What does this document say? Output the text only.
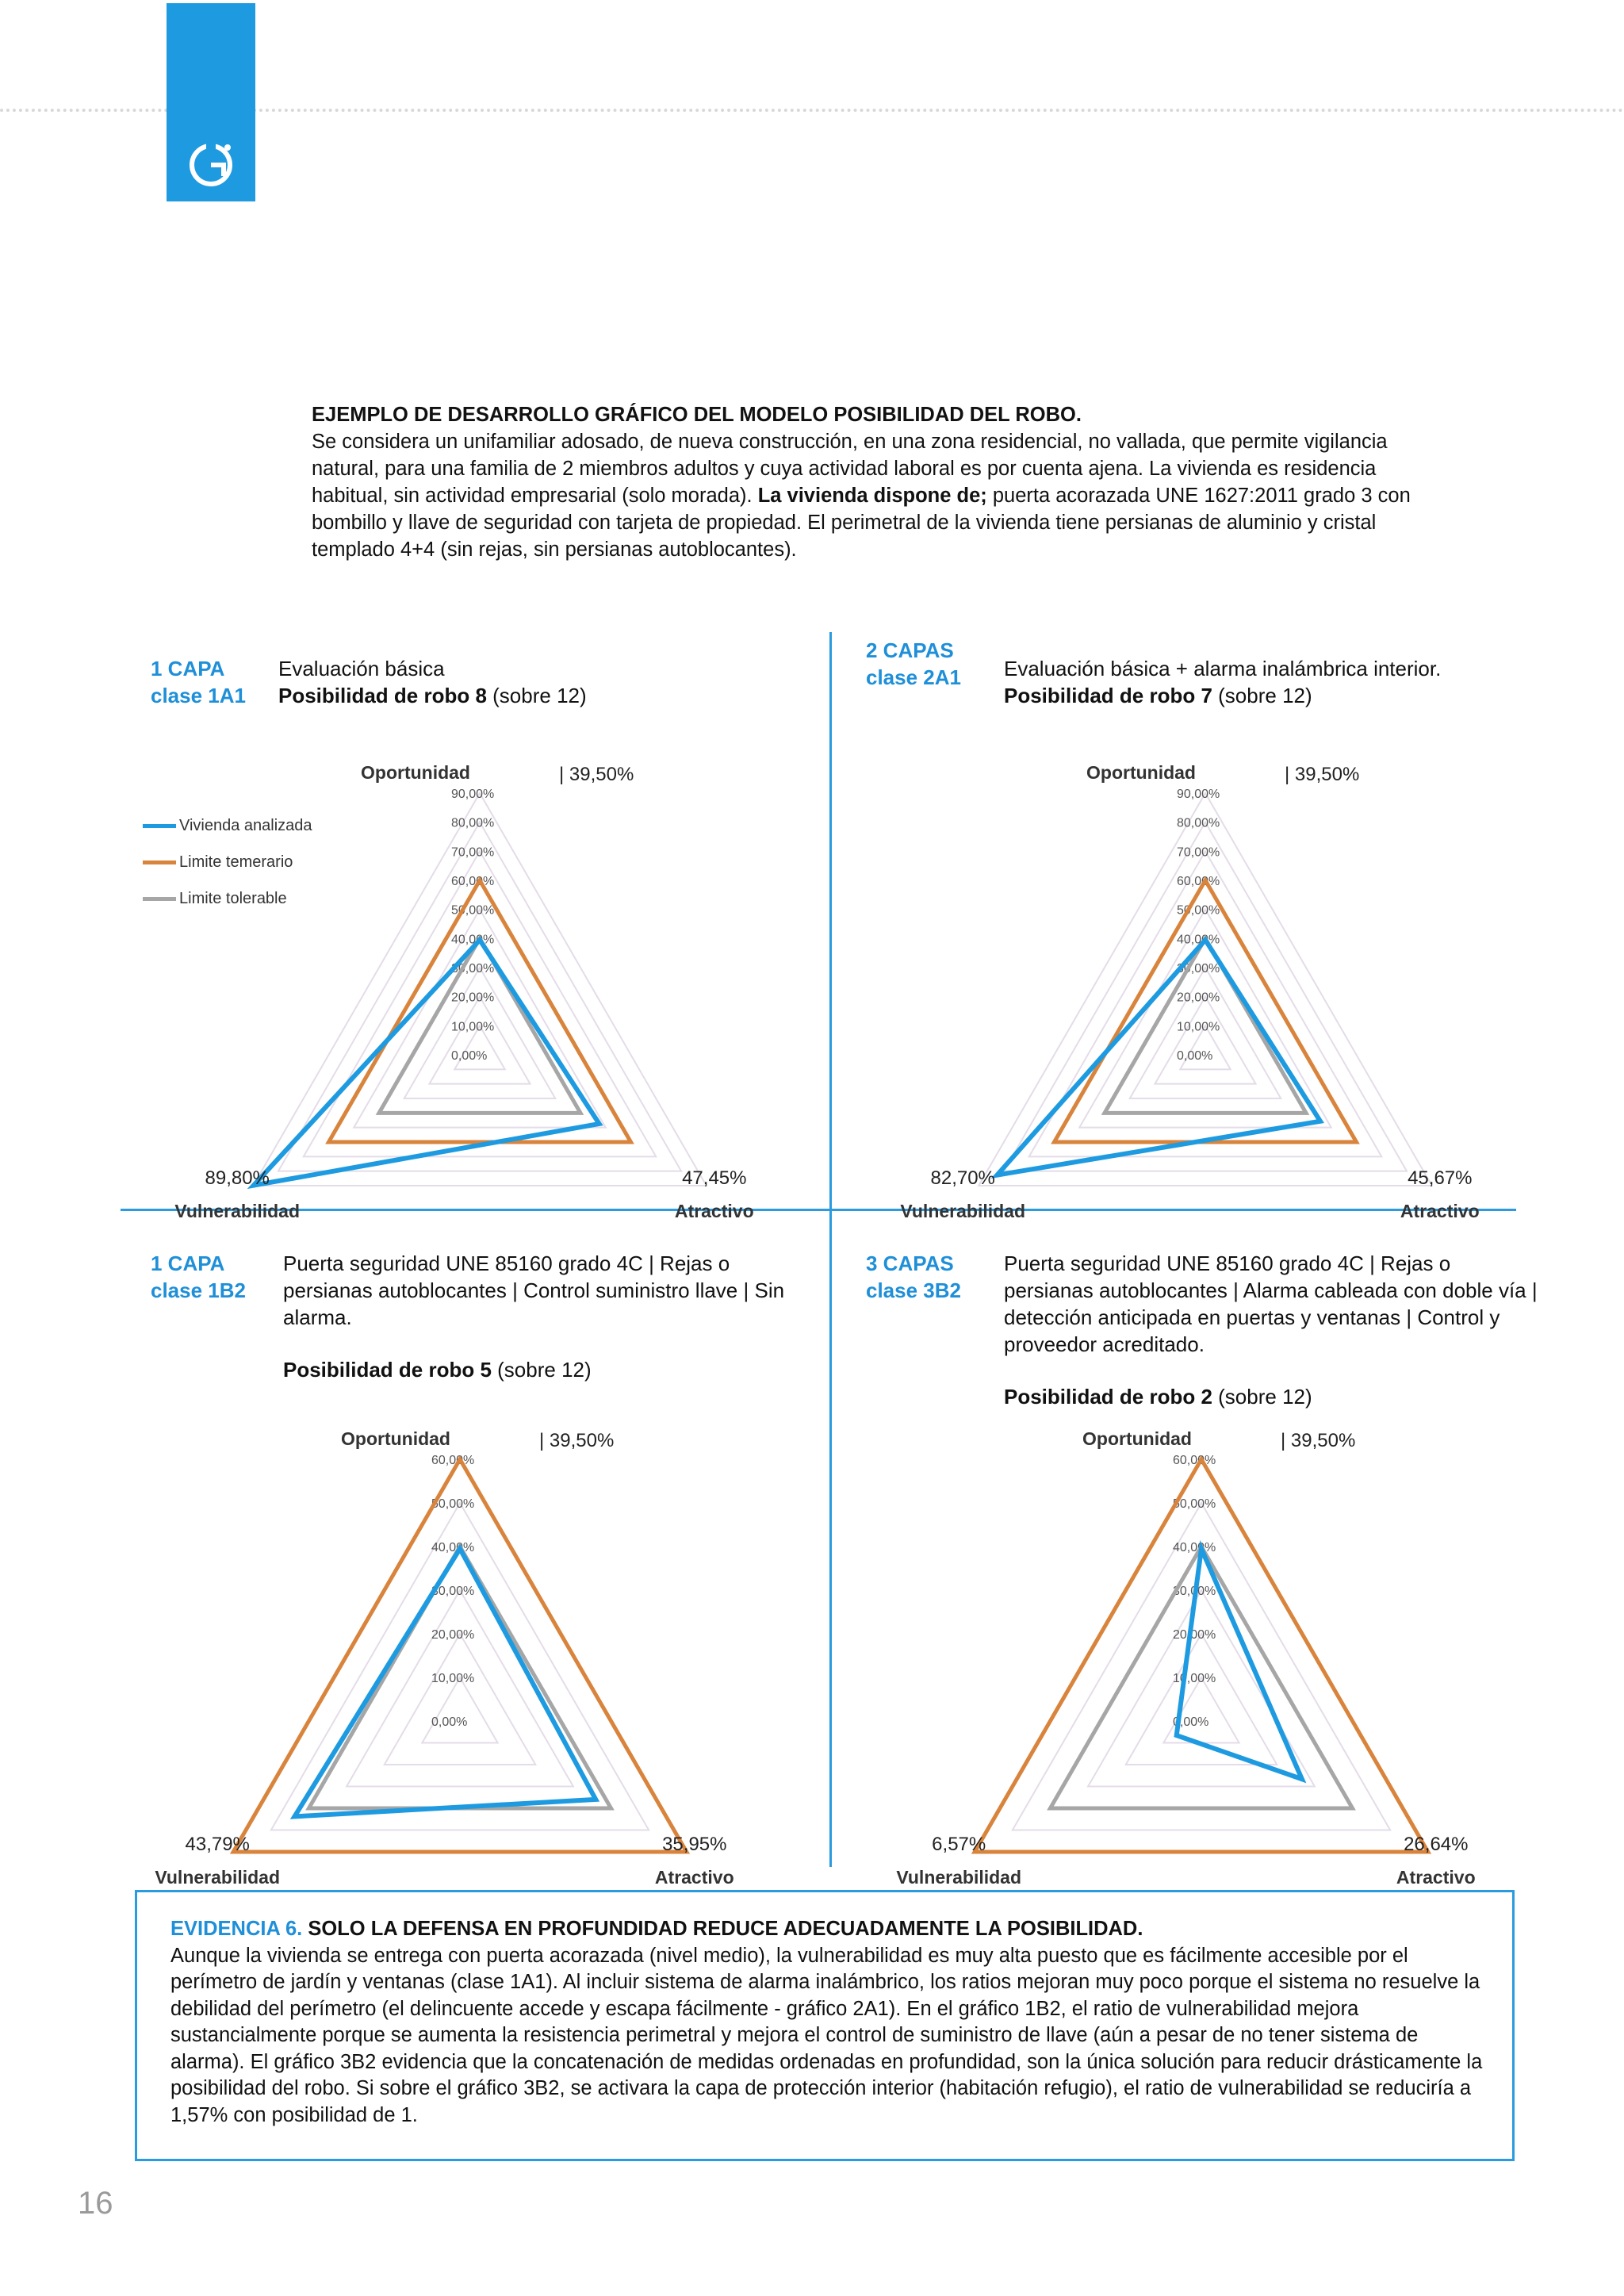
EJEMPLO DE DESARROLLO GRÁFICO DEL MODELO POSIBILIDAD DEL ROBO.
Se considera un unifamiliar adosado, de nueva construcción, en una zona residencial, no vallada, que permite vigilancia natural, para una familia de 2 miembros adultos y cuya actividad laboral es por cuenta ajena. La vivienda es residencia habitual, sin actividad empresarial (solo morada). La vivienda dispone de; puerta acorazada UNE 1627:2011 grado 3 con bombillo y llave de seguridad con tarjeta de propiedad. El perimetral de la vivienda tiene persianas de aluminio y cristal templado 4+4 (sin rejas, sin persianas autoblocantes).
1 CAPA
clase 1A1
Evaluación básica
Posibilidad de robo 8 (sobre 12)
2 CAPAS
clase 2A1 Evaluación básica + alarma inalámbrica interior.
Posibilidad de robo 7 (sobre 12)
1 CAPA
clase 1B2
Puerta seguridad UNE 85160 grado 4C | Rejas o persianas autoblocantes | Control suministro llave | Sin alarma.
Posibilidad de robo 5 (sobre 12)
3 CAPAS
clase 3B2
Puerta seguridad UNE 85160 grado 4C | Rejas o persianas autoblocantes | Alarma cableada con doble vía | detección anticipada en puertas y ventanas | Control y proveedor acreditado.
Posibilidad de robo 2 (sobre 12)
Vivienda analizada
Limite temerario
Limite tolerable
90,00%
80,00%
70,00%
60,00%
50,00%
40,00%
30,00%
20,00%
10,00%
0,00%
Oportunidad
Vulnerabilidad	Atractivo
| 39,50%
89,80%	47,45%
90,00%
80,00%
70,00%
60,00%
50,00%
40,00%
30,00%
20,00%
10,00%
0,00%
Oportunidad
Vulnerabilidad	Atractivo
| 39,50%
82,70%	45,67%
60,00%
50,00%
40,00%
30,00%
20,00%
10,00%
0,00%
Oportunidad
Vulnerabilidad	Atractivo
| 39,50%
43,79%	35,95%
60,00%
50,00%
40,00%
30,00%
20,00%
10,00%
0,00%
Oportunidad
Vulnerabilidad	Atractivo
| 39,50%
6,57%	26,64%
EVIDENCIA 6. SOLO LA DEFENSA EN PROFUNDIDAD REDUCE ADECUADAMENTE LA POSIBILIDAD.
Aunque la vivienda se entrega con puerta acorazada (nivel medio), la vulnerabilidad es muy alta puesto que es fácilmente accesible por el perímetro de jardín y ventanas (clase 1A1). Al incluir sistema de alarma inalámbrico, los ratios mejoran muy poco porque el sistema no resuelve la debilidad del perímetro (el delincuente accede y escapa fácilmente - gráfico 2A1). En el gráfico 1B2, el ratio de vulnerabilidad mejora sustancialmente porque se aumenta la resistencia perimetral y mejora el control de suministro de llave (aún a pesar de no tener sistema de alarma). El gráfico 3B2 evidencia que la concatenación de medidas ordenadas en profundidad, son la única solución para reducir drásticamente la posibilidad del robo. Si sobre el gráfico 3B2, se activara la capa de protección interior (habitación refugio), el ratio de vulnerabilidad se reduciría a 1,57% con posibilidad de 1.
16
